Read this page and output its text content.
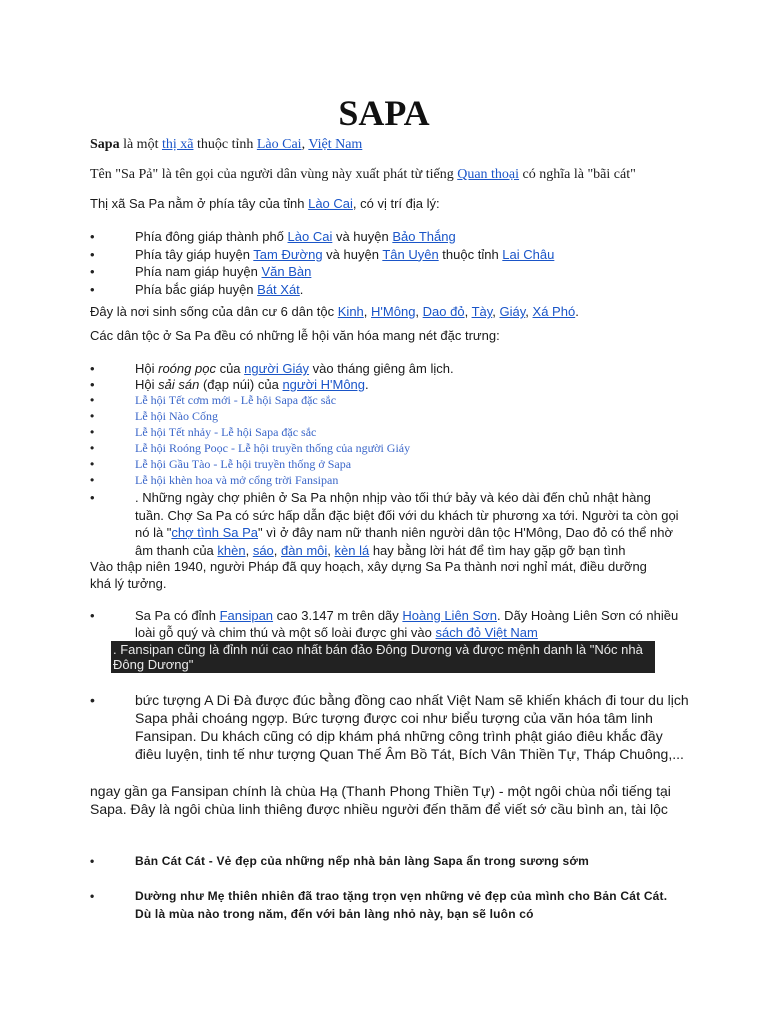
SAPA

Sapa là một thị xã thuộc tỉnh Lào Cai, Việt Nam

Tên "Sa Pả" là tên gọi của người dân vùng này xuất phát từ tiếng Quan thoại có nghĩa là "bãi cát"

Thị xã Sa Pa nằm ở phía tây của tỉnh Lào Cai, có vị trí địa lý:

• Phía đông giáp thành phố Lào Cai và huyện Bảo Thắng
• Phía tây giáp huyện Tam Đường và huyện Tân Uyên thuộc tỉnh Lai Châu
• Phía nam giáp huyện Văn Bàn
• Phía bắc giáp huyện Bát Xát.

Đây là nơi sinh sống của dân cư 6 dân tộc Kinh, H'Mông, Dao đỏ, Tày, Giáy, Xá Phó.

Các dân tộc ở Sa Pa đều có những lễ hội văn hóa mang nét đặc trưng:

• Hội roóng pọc của người Giáy vào tháng giêng âm lịch.
• Hội sải sán (đạp núi) của người H'Mông.
• Lễ hội Tết cơm mới - Lễ hội Sapa đặc sắc
• Lễ hội Nào Cống
• Lễ hội Tết nhảy - Lễ hội Sapa đặc sắc
• Lễ hội Roóng Poọc - Lễ hội truyền thống của người Giáy
• Lễ hội Gầu Tào - Lễ hội truyền thống ở Sapa
• Lễ hội khèn hoa và mở cổng trời Fansipan
• . Những ngày chợ phiên ở Sa Pa nhộn nhịp vào tối thứ bảy và kéo dài đến chủ nhật hàng tuần. Chợ Sa Pa có sức hấp dẫn đặc biệt đối với du khách từ phương xa tới. Người ta còn gọi nó là "chợ tình Sa Pa" vì ở đây nam nữ thanh niên người dân tộc H'Mông, Dao đỏ có thể nhờ âm thanh của khèn, sáo, đàn môi, kèn lá hay bằng lời hát để tìm hay gặp gỡ bạn tình

Vào thập niên 1940, người Pháp đã quy hoạch, xây dựng Sa Pa thành nơi nghỉ mát, điều dưỡng khá lý tưởng.

• Sa Pa có đỉnh Fansipan cao 3.147 m trên dãy Hoàng Liên Sơn. Dãy Hoàng Liên Sơn có nhiều loài gỗ quý và chim thú và một số loài được ghi vào sách đỏ Việt Nam

. Fansipan cũng là đỉnh núi cao nhất bán đảo Đông Dương và được mệnh danh là "Nóc nhà Đông Dương"

• bức tượng A Di Đà được đúc bằng đồng cao nhất Việt Nam sẽ khiến khách đi tour du lịch Sapa phải choáng ngợp. Bức tượng được coi như biểu tượng của văn hóa tâm linh Fansipan. Du khách cũng có dịp khám phá những công trình phật giáo điêu khắc đầy điêu luyện, tinh tế như tượng Quan Thế Âm Bồ Tát, Bích Vân Thiền Tự, Tháp Chuông,...

ngay gần ga Fansipan chính là chùa Hạ (Thanh Phong Thiền Tự) - một ngôi chùa nổi tiếng tại Sapa. Đây là ngôi chùa linh thiêng được nhiều người đến thăm để viết sớ cầu bình an, tài lộc

• Bản Cát Cát - Vẻ đẹp của những nếp nhà bản làng Sapa ẩn trong sương sớm
• Dường như Mẹ thiên nhiên đã trao tặng trọn vẹn những vẻ đẹp của mình cho Bản Cát Cát. Dù là mùa nào trong năm, đến với bản làng nhỏ này, bạn sẽ luôn có
